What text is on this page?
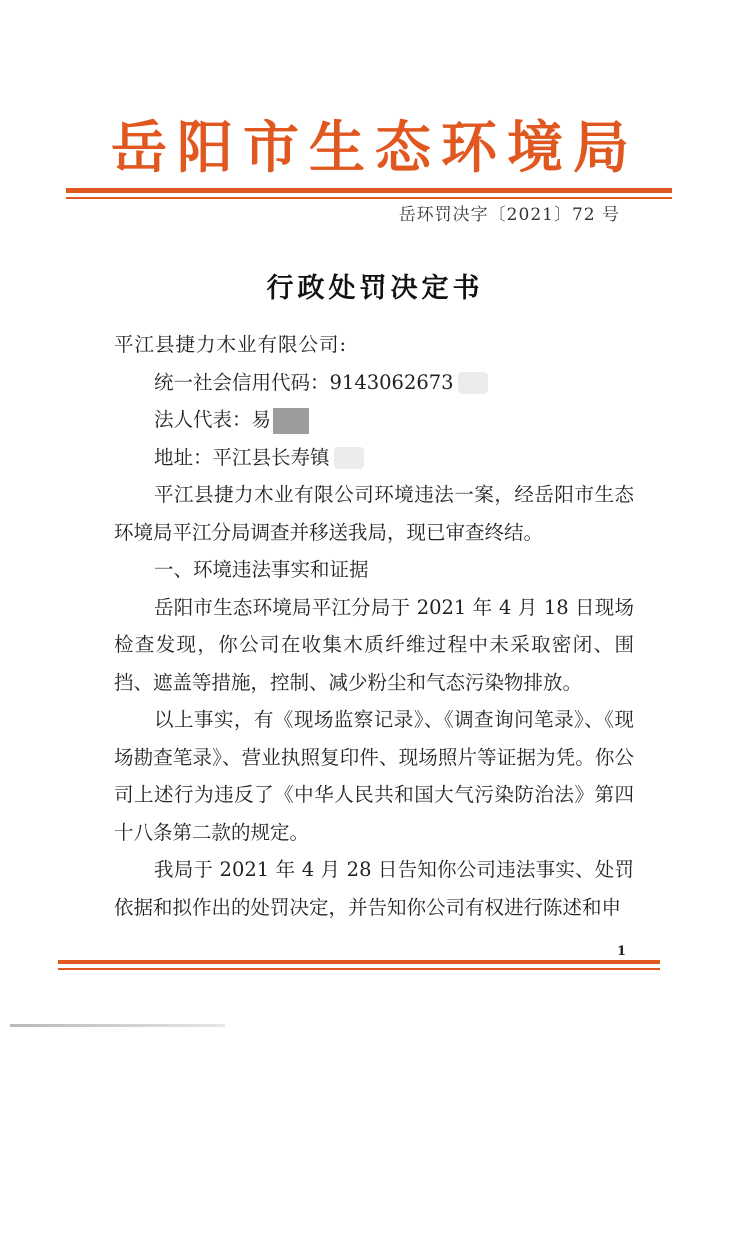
岳阳市生态环境局
岳环罚决字〔2021〕72 号
行政处罚决定书

平江县捷力木业有限公司:

统一社会信用代码：9143062673

法人代表：易

地址：平江县长寿镇

平江县捷力木业有限公司环境违法一案，经岳阳市生态环境局平江分局调查并移送我局，现已审查终结。

一、环境违法事实和证据

岳阳市生态环境局平江分局于 2021 年 4 月 18 日现场检查发现，你公司在收集木质纤维过程中未采取密闭、围挡、遮盖等措施，控制、减少粉尘和气态污染物排放。

以上事实，有《现场监察记录》、《调查询问笔录》、《现场勘查笔录》、营业执照复印件、现场照片等证据为凭。你公司上述行为违反了《中华人民共和国大气污染防治法》第四十八条第二款的规定。

我局于 2021 年 4 月 28 日告知你公司违法事实、处罚依据和拟作出的处罚决定，并告知你公司有权进行陈述和申

1
